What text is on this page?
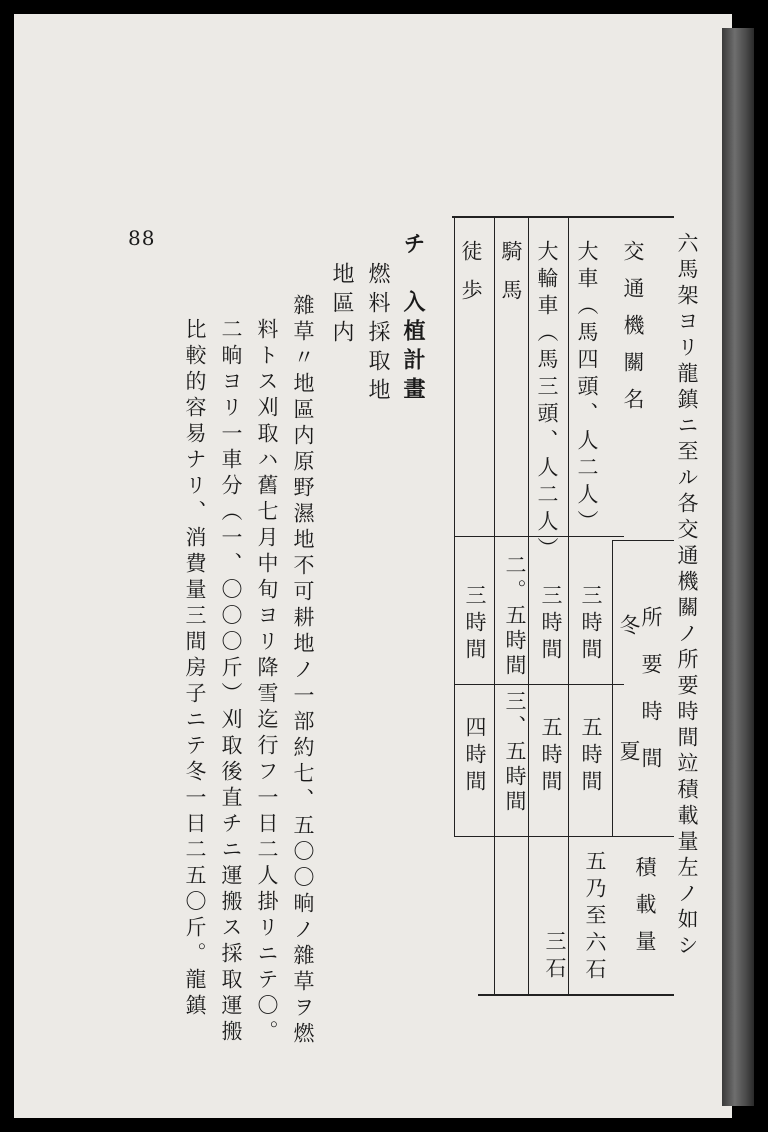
88	六馬架ヨリ龍鎮ニ至ル各交通機關ノ所要時間竝積載量左ノ如シ
交通機關名
所要時間
冬
夏
積載量
大車（馬四頭、人二人）
三時間
五時間
五乃至六石
大輪車（馬三頭、人二人）
三時間
五時間
三石
騎馬
二。五時間
三、五時間
徒歩
三時間
四時間
チ　入植計畫
燃料採取地
地區内
雜草〃地區内原野濕地不可耕地ノ一部約七、五〇〇晌ノ雜草ヲ燃
料トス刈取ハ舊七月中旬ヨリ降雪迄行フ一日二人掛リニテ〇。
二晌ヨリ一車分（一、〇〇〇斤）刈取後直チニ運搬ス採取運搬
比較的容易ナリ、消費量三間房子ニテ冬一日二五〇斤。龍鎮
